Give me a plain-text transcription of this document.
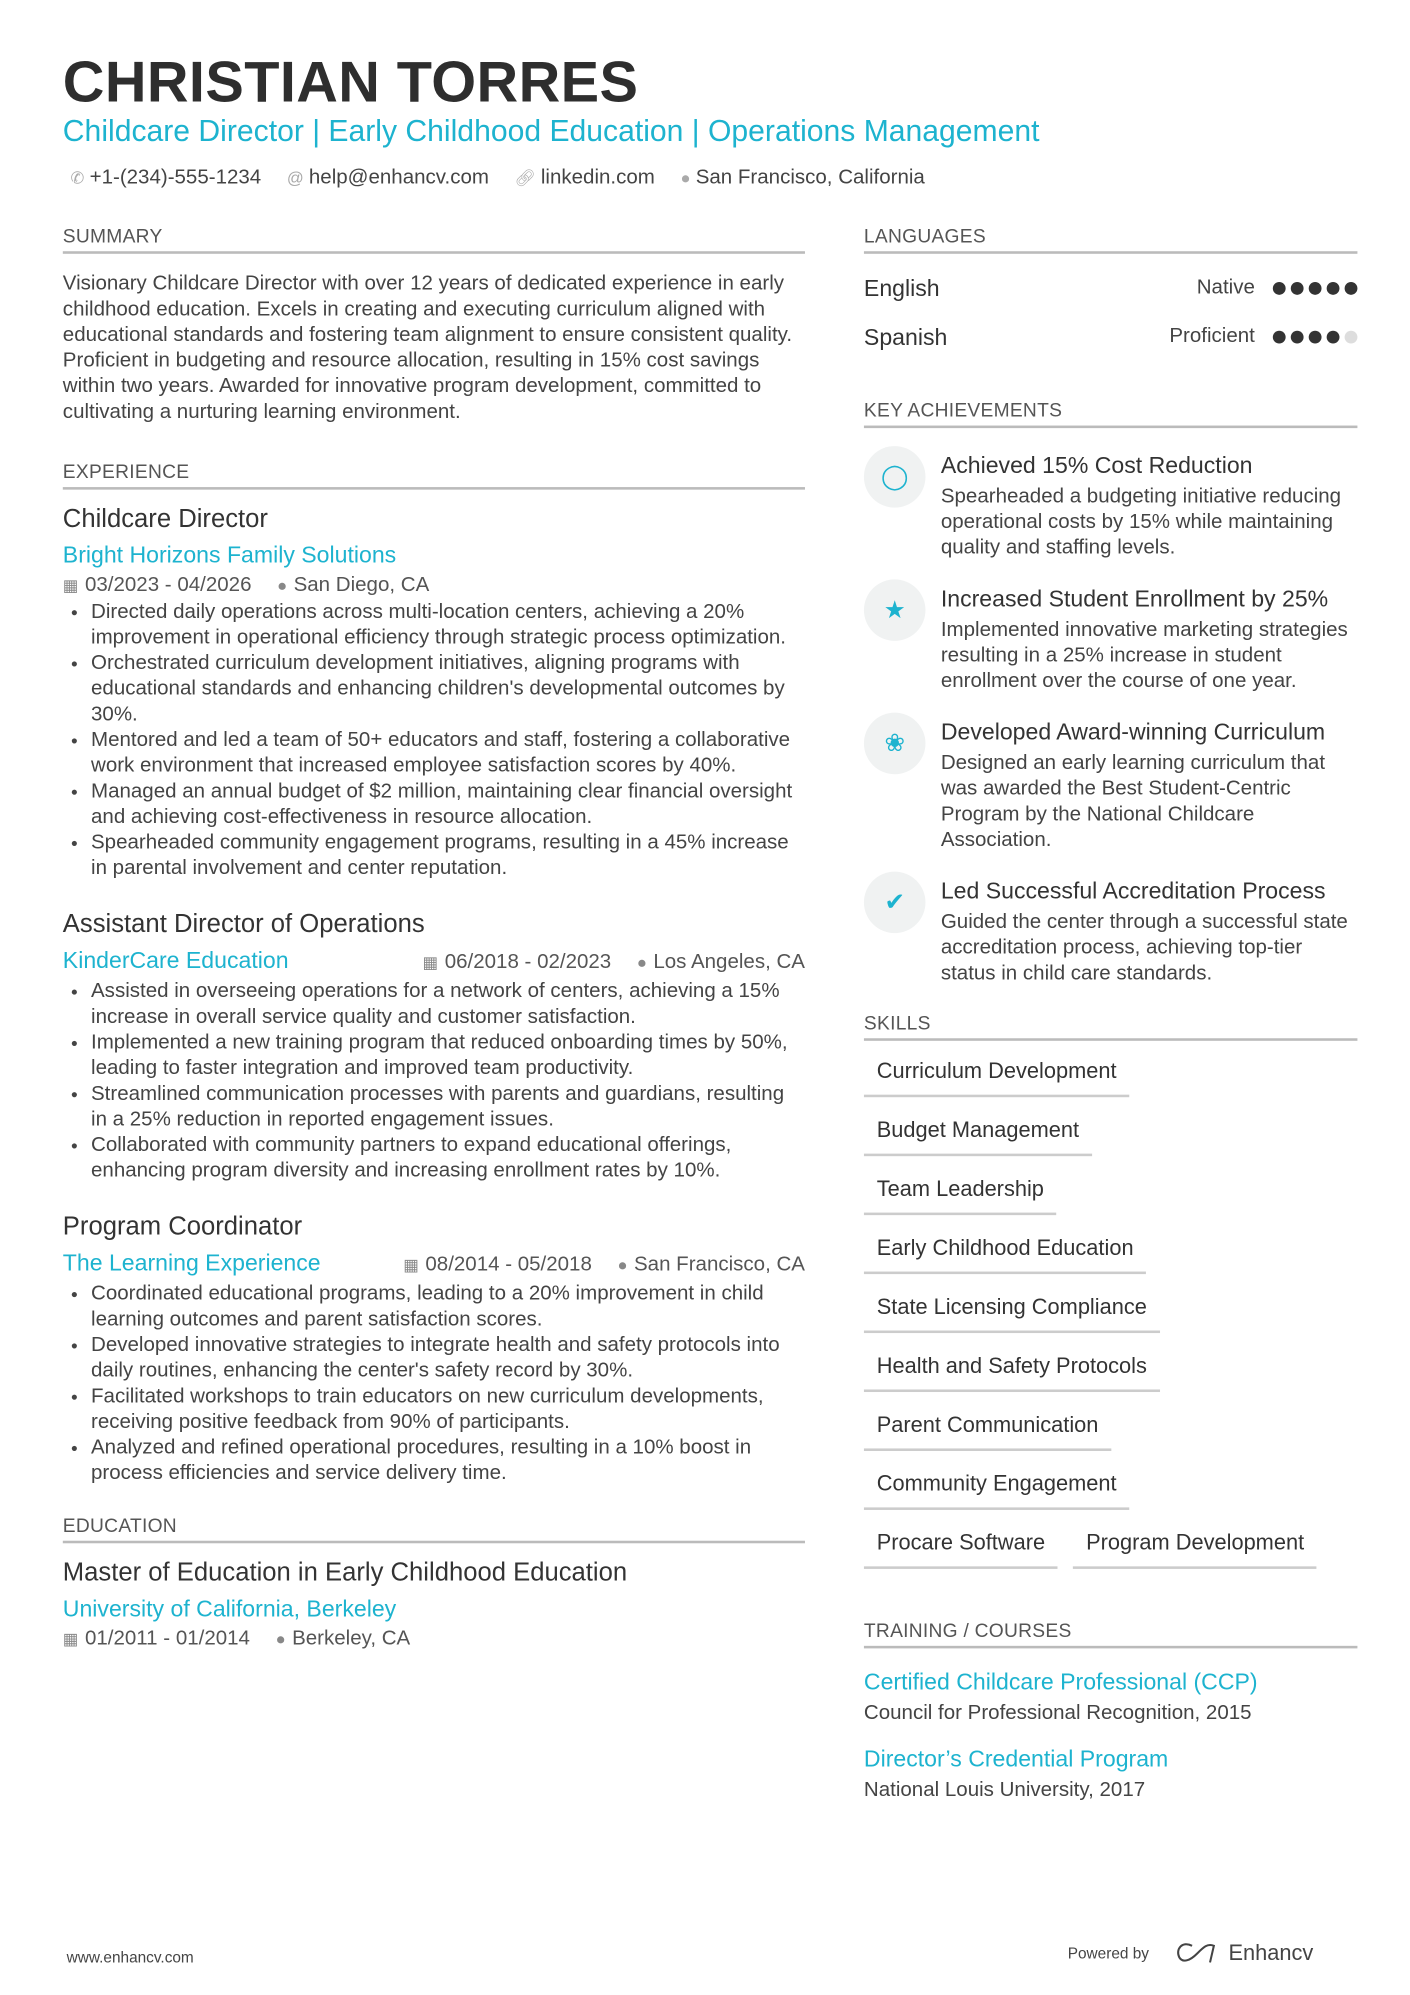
CHRISTIAN TORRES
Childcare Director | Early Childhood Education | Operations Management
✆ +1-(234)-555-1234 @ help@enhancv.com 🔗︎ linkedin.com ● San Francisco, California
SUMMARY
Visionary Childcare Director with over 12 years of dedicated experience in early childhood education. Excels in creating and executing curriculum aligned with educational standards and fostering team alignment to ensure consistent quality. Proficient in budgeting and resource allocation, resulting in 15% cost savings within two years. Awarded for innovative program development, committed to cultivating a nurturing learning environment.
EXPERIENCE
Childcare Director
Bright Horizons Family Solutions
▦ 03/2023 - 04/2026 ● San Diego, CA
• Directed daily operations across multi-location centers, achieving a 20% improvement in operational efficiency through strategic process optimization.
• Orchestrated curriculum development initiatives, aligning programs with educational standards and enhancing children's developmental outcomes by 30%.
• Mentored and led a team of 50+ educators and staff, fostering a collaborative work environment that increased employee satisfaction scores by 40%.
• Managed an annual budget of $2 million, maintaining clear financial oversight and achieving cost-effectiveness in resource allocation.
• Spearheaded community engagement programs, resulting in a 45% increase in parental involvement and center reputation.
Assistant Director of Operations
KinderCare Education	▦ 06/2018 - 02/2023 ● Los Angeles, CA
• Assisted in overseeing operations for a network of centers, achieving a 15% increase in overall service quality and customer satisfaction.
• Implemented a new training program that reduced onboarding times by 50%, leading to faster integration and improved team productivity.
• Streamlined communication processes with parents and guardians, resulting in a 25% reduction in reported engagement issues.
• Collaborated with community partners to expand educational offerings, enhancing program diversity and increasing enrollment rates by 10%.
Program Coordinator
The Learning Experience	▦ 08/2014 - 05/2018 ● San Francisco, CA
• Coordinated educational programs, leading to a 20% improvement in child learning outcomes and parent satisfaction scores.
• Developed innovative strategies to integrate health and safety protocols into daily routines, enhancing the center's safety record by 30%.
• Facilitated workshops to train educators on new curriculum developments, receiving positive feedback from 90% of participants.
• Analyzed and refined operational procedures, resulting in a 10% boost in process efficiencies and service delivery time.
EDUCATION
Master of Education in Early Childhood Education
University of California, Berkeley
▦ 01/2011 - 01/2014 ● Berkeley, CA
LANGUAGES
English	Native
Spanish	Proficient
KEY ACHIEVEMENTS
◯	Achieved 15% Cost Reduction
Spearheaded a budgeting initiative reducing operational costs by 15% while maintaining quality and staffing levels.
★	Increased Student Enrollment by 25%
Implemented innovative marketing strategies resulting in a 25% increase in student enrollment over the course of one year.
❀	Developed Award-winning Curriculum
Designed an early learning curriculum that was awarded the Best Student-Centric Program by the National Childcare Association.
✔	Led Successful Accreditation Process
Guided the center through a successful state accreditation process, achieving top-tier status in child care standards.
SKILLS
Curriculum Development
Budget Management
Team Leadership
Early Childhood Education
State Licensing Compliance
Health and Safety Protocols
Parent Communication
Community Engagement
Procare Software	Program Development
TRAINING / COURSES
Certified Childcare Professional (CCP)
Council for Professional Recognition, 2015
Director’s Credential Program
National Louis University, 2017
www.enhancv.com	Powered by	Enhancv
